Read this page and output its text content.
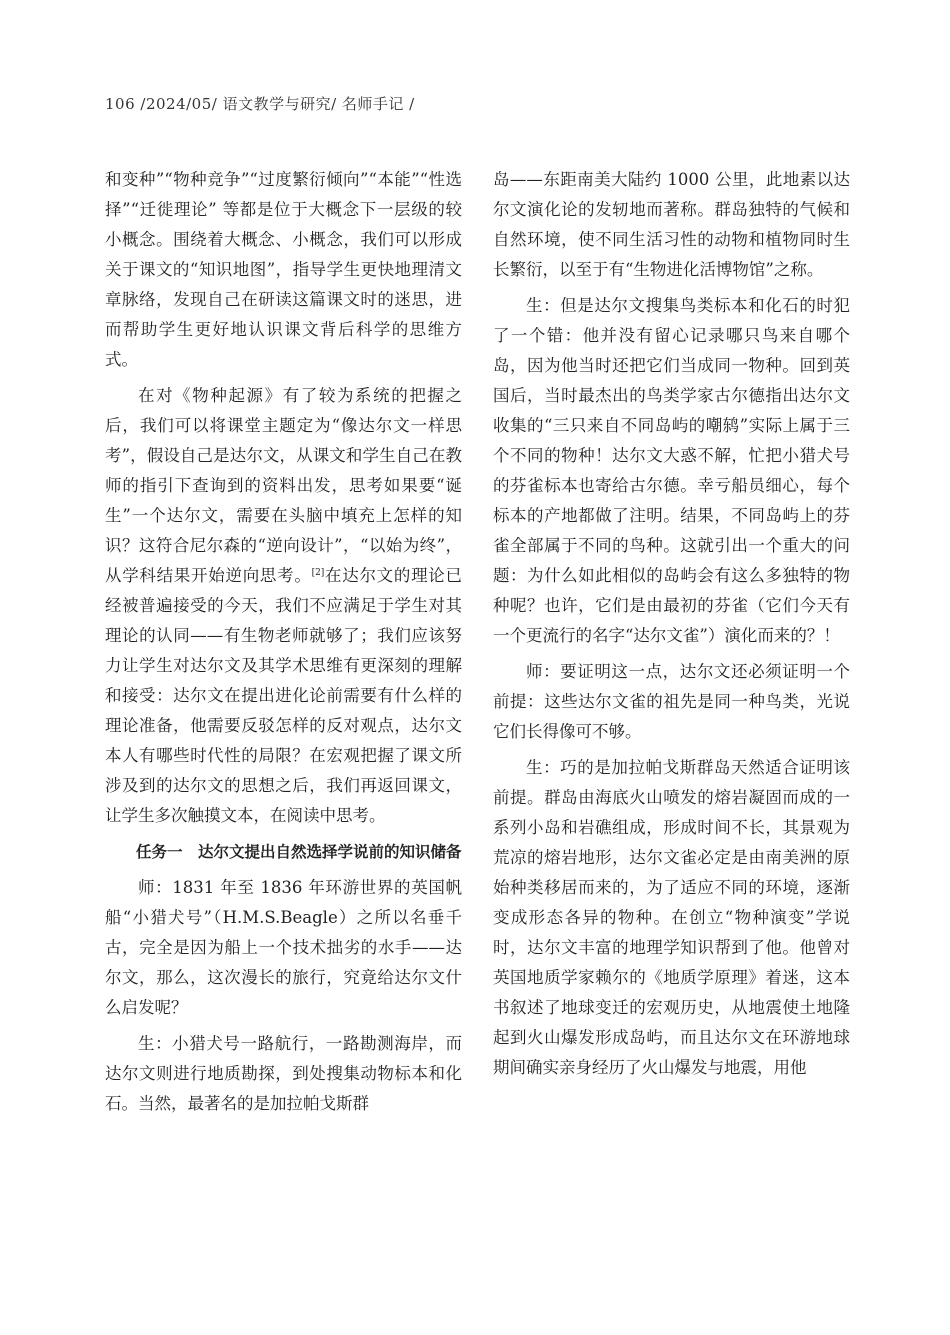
106 /2024/05/ 语文教学与研究/ 名师手记 /

和变种”“物种竞争”“过度繁衍倾向”“本能”“性选择”“迁徙理论” 等都是位于大概念下一层级的较小概念。围绕着大概念、小概念，我们可以形成关于课文的“知识地图”，指导学生更快地理清文章脉络，发现自己在研读这篇课文时的迷思，进而帮助学生更好地认识课文背后科学的思维方式。

在对《物种起源》有了较为系统的把握之后，我们可以将课堂主题定为“像达尔文一样思考”，假设自己是达尔文，从课文和学生自己在教师的指引下查询到的资料出发，思考如果要“诞生”一个达尔文，需要在头脑中填充上怎样的知识？这符合尼尔森的“逆向设计”，“以始为终”，从学科结果开始逆向思考。[2]在达尔文的理论已经被普遍接受的今天，我们不应满足于学生对其理论的认同——有生物老师就够了；我们应该努力让学生对达尔文及其学术思维有更深刻的理解和接受：达尔文在提出进化论前需要有什么样的理论准备，他需要反驳怎样的反对观点，达尔文本人有哪些时代性的局限？在宏观把握了课文所涉及到的达尔文的思想之后，我们再返回课文，让学生多次触摸文本，在阅读中思考。

任务一　达尔文提出自然选择学说前的知识储备

师：1831 年至 1836 年环游世界的英国帆船“小猎犬号”（H.M.S.Beagle）之所以名垂千古，完全是因为船上一个技术拙劣的水手——达尔文，那么，这次漫长的旅行，究竟给达尔文什么启发呢？

生：小猎犬号一路航行，一路勘测海岸，而达尔文则进行地质勘探，到处搜集动物标本和化石。当然，最著名的是加拉帕戈斯群

岛——东距南美大陆约 1000 公里，此地素以达尔文演化论的发轫地而著称。群岛独特的气候和自然环境，使不同生活习性的动物和植物同时生长繁衍，以至于有“生物进化活博物馆”之称。

生：但是达尔文搜集鸟类标本和化石的时犯了一个错：他并没有留心记录哪只鸟来自哪个岛，因为他当时还把它们当成同一物种。回到英国后，当时最杰出的鸟类学家古尔德指出达尔文收集的“三只来自不同岛屿的嘲鸫”实际上属于三个不同的物种！达尔文大惑不解，忙把小猎犬号的芬雀标本也寄给古尔德。幸亏船员细心，每个标本的产地都做了注明。结果，不同岛屿上的芬雀全部属于不同的鸟种。这就引出一个重大的问题：为什么如此相似的岛屿会有这么多独特的物种呢？也许，它们是由最初的芬雀（它们今天有一个更流行的名字“达尔文雀”）演化而来的？！

师：要证明这一点，达尔文还必须证明一个前提：这些达尔文雀的祖先是同一种鸟类，光说它们长得像可不够。

生：巧的是加拉帕戈斯群岛天然适合证明该前提。群岛由海底火山喷发的熔岩凝固而成的一系列小岛和岩礁组成，形成时间不长，其景观为荒凉的熔岩地形，达尔文雀必定是由南美洲的原始种类移居而来的，为了适应不同的环境，逐渐变成形态各异的物种。在创立“物种演变”学说时，达尔文丰富的地理学知识帮到了他。他曾对英国地质学家赖尔的《地质学原理》着迷，这本书叙述了地球变迁的宏观历史，从地震使土地隆起到火山爆发形成岛屿，而且达尔文在环游地球期间确实亲身经历了火山爆发与地震，用他
